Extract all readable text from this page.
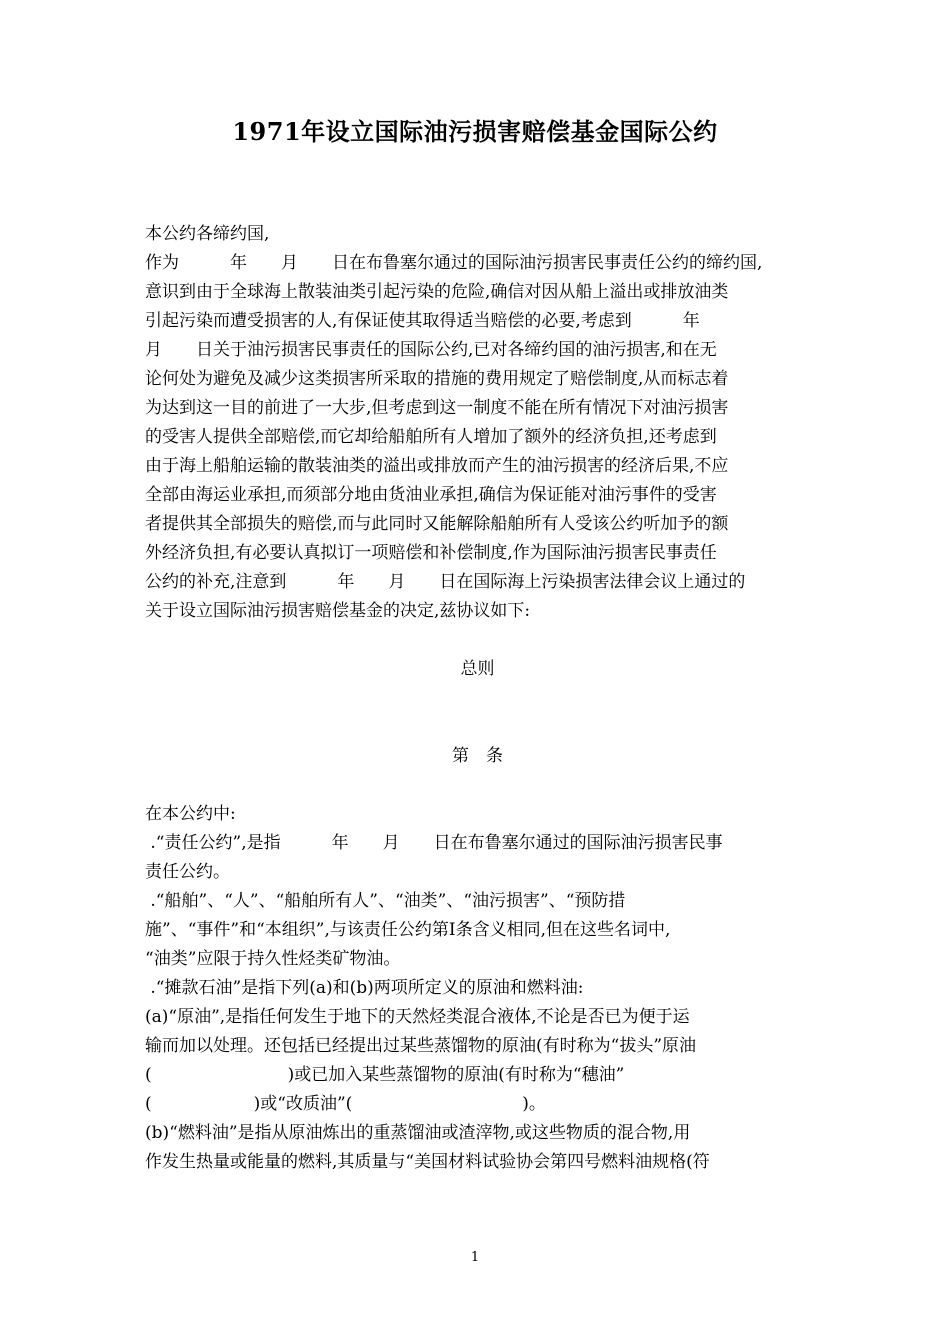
1971年设立国际油污损害赔偿基金国际公约
本公约各缔约国,
作为　　　年　　月　　日在布鲁塞尔通过的国际油污损害民事责任公约的缔约国,
意识到由于全球海上散装油类引起污染的危险,确信对因从船上溢出或排放油类
引起污染而遭受损害的人,有保证使其取得适当赔偿的必要,考虑到　　　年
月　　日关于油污损害民事责任的国际公约,已对各缔约国的油污损害,和在无
论何处为避免及减少这类损害所采取的措施的费用规定了赔偿制度,从而标志着
为达到这一目的前进了一大步,但考虑到这一制度不能在所有情况下对油污损害
的受害人提供全部赔偿,而它却给船舶所有人增加了额外的经济负担,还考虑到
由于海上船舶运输的散装油类的溢出或排放而产生的油污损害的经济后果,不应
全部由海运业承担,而须部分地由货油业承担,确信为保证能对油污事件的受害
者提供其全部损失的赔偿,而与此同时又能解除船舶所有人受该公约听加予的额
外经济负担,有必要认真拟订一项赔偿和补偿制度,作为国际油污损害民事责任
公约的补充,注意到　　　年　　月　　日在国际海上污染损害法律会议上通过的
关于设立国际油污损害赔偿基金的决定,兹协议如下:
总则
第　条
在本公约中:
.“责任公约”,是指　　　年　　月　　日在布鲁塞尔通过的国际油污损害民事
责任公约。
.“船舶”、“人”、“船舶所有人”、“油类”、“油污损害”、“预防措
施”、“事件”和“本组织”,与该责任公约第Ⅰ条含义相同,但在这些名词中,
“油类”应限于持久性烃类矿物油。
.“摊款石油”是指下列(a)和(b)两项所定义的原油和燃料油:
(a)“原油”,是指任何发生于地下的天然烃类混合液体,不论是否已为便于运
输而加以处理。还包括已经提出过某些蒸馏物的原油(有时称为“拔头”原油
(　　　　　　　　)或已加入某些蒸馏物的原油(有时称为“穗油”
(　　　　　　)或“改质油”(　　　　　　　　　　)。
(b)“燃料油”是指从原油炼出的重蒸馏油或渣滓物,或这些物质的混合物,用
作发生热量或能量的燃料,其质量与“美国材料试验协会第四号燃料油规格(符
1
